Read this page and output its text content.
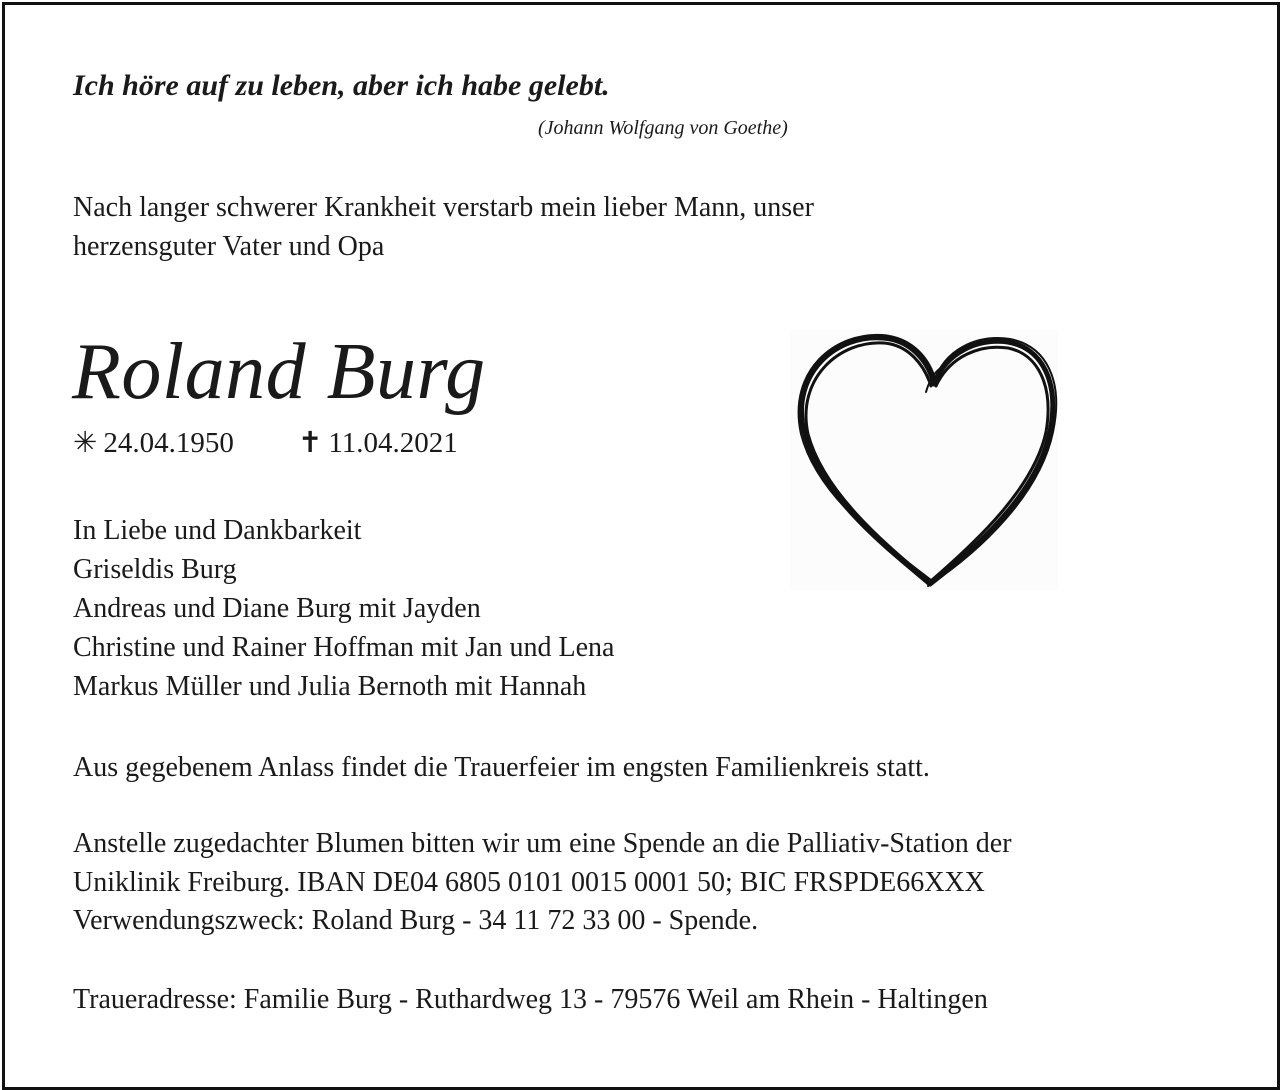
Ich höre auf zu leben, aber ich habe gelebt.
(Johann Wolfgang von Goethe)
Nach langer schwerer Krankheit verstarb mein lieber Mann, unser
herzensguter Vater und Opa
Roland Burg
✳ 24.04.1950 ✝ 11.04.2021
In Liebe und Dankbarkeit
Griseldis Burg
Andreas und Diane Burg mit Jayden
Christine und Rainer Hoffman mit Jan und Lena
Markus Müller und Julia Bernoth mit Hannah
Aus gegebenem Anlass findet die Trauerfeier im engsten Familienkreis statt.
Anstelle zugedachter Blumen bitten wir um eine Spende an die Palliativ-Station der
Uniklinik Freiburg. IBAN DE04 6805 0101 0015 0001 50; BIC FRSPDE66XXX
Verwendungszweck: Roland Burg - 34 11 72 33 00 - Spende.
Traueradresse: Familie Burg - Ruthardweg 13 - 79576 Weil am Rhein - Haltingen
